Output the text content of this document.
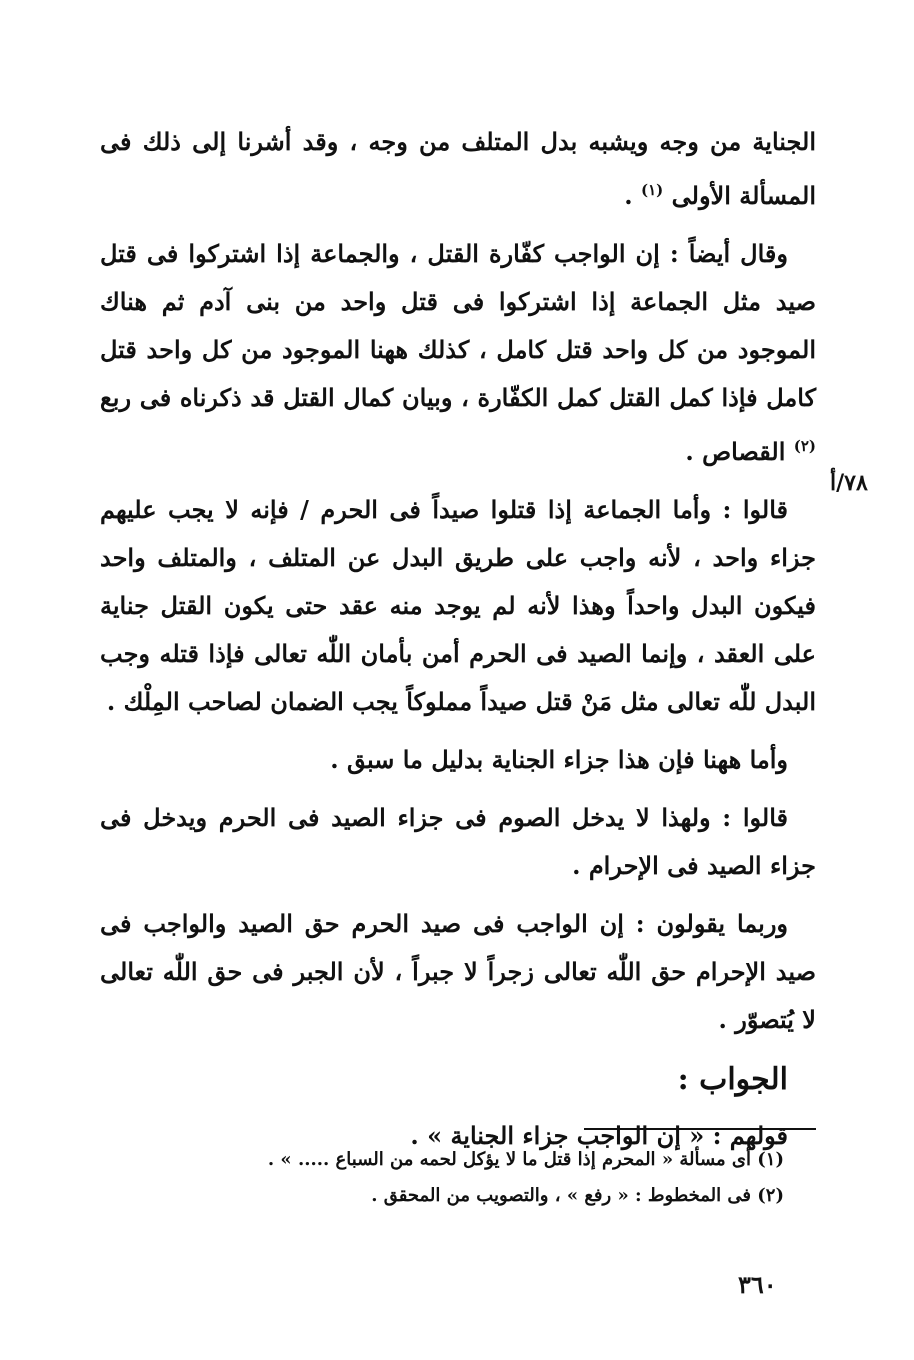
الجناية من وجه ويشبه بدل المتلف من وجه ، وقد أشرنا إلى ذلك فى المسألة الأولى $^{(١)}$ .

وقال أيضاً : إن الواجب كفّارة القتل ، والجماعة إذا اشتركوا فى قتل صيد مثل الجماعة إذا اشتركوا فى قتل واحد من بنى آدم ثم هناك الموجود من كل واحد قتل كامل ، كذلك ههنا الموجود من كل واحد قتل كامل فإذا كمل القتل كمل الكفّارة ، وبيان كمال القتل قد ذكرناه فى ربع $^{(٢)}$ القصاص .

قالوا : وأما الجماعة إذا قتلوا صيداً فى الحرم / فإنه لا يجب عليهم جزاء واحد ، لأنه واجب على طريق البدل عن المتلف ، والمتلف واحد فيكون البدل واحداً وهذا لأنه لم يوجد منه عقد حتى يكون القتل جناية على العقد ، وإنما الصيد فى الحرم أمن بأمان اللّٰه تعالى فإذا قتله وجب البدل للّٰه تعالى مثل مَنْ قتل صيداً مملوكاً يجب الضمان لصاحب المِلْك .

وأما ههنا فإن هذا جزاء الجناية بدليل ما سبق .

قالوا : ولهذا لا يدخل الصوم فى جزاء الصيد فى الحرم ويدخل فى جزاء الصيد فى الإحرام .

وربما يقولون : إن الواجب فى صيد الحرم حق الصيد والواجب فى صيد الإحرام حق اللّٰه تعالى زجراً لا جبراً ، لأن الجبر فى حق اللّٰه تعالى لا يُتصوّر .

الجواب :

قولهم : « إن الواجب جزاء الجناية » .

٧٨/أ

(١) أى مسألة « المحرم إذا قتل ما لا يؤكل لحمه من السباع ..... » .

(٢) فى المخطوط : « رفع » ، والتصويب من المحقق .

٣٦٠
